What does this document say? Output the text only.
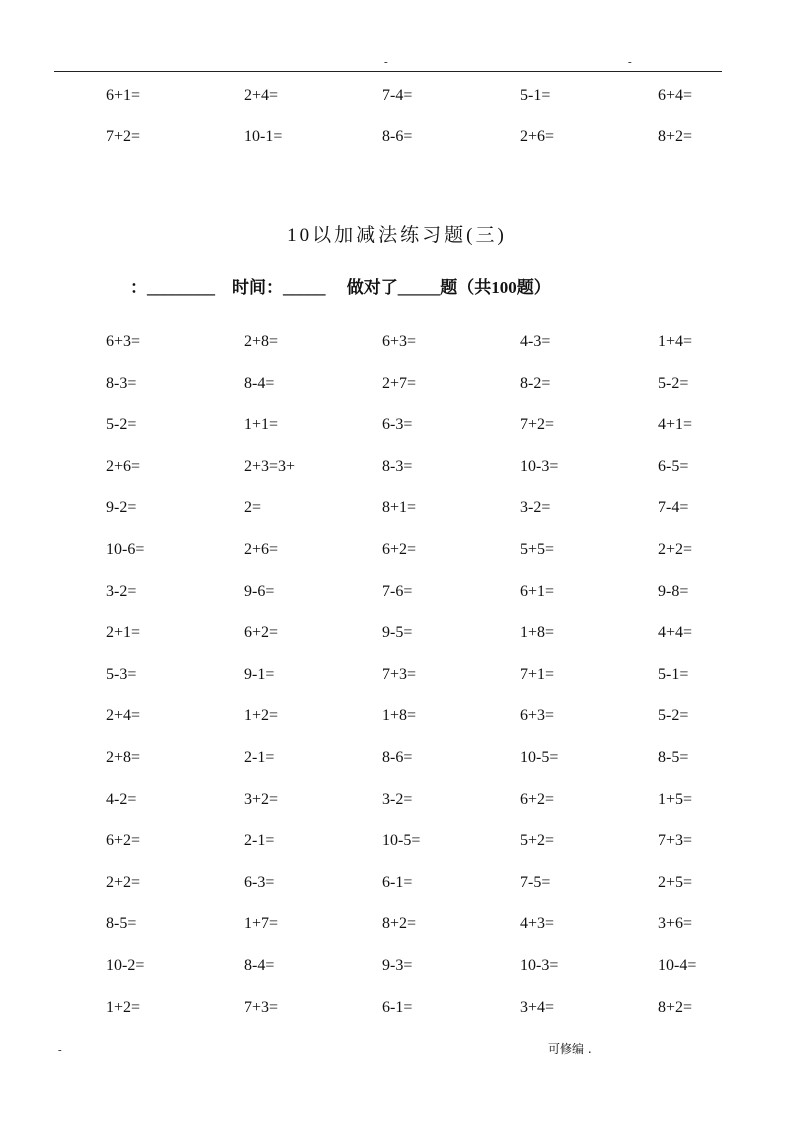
-	-
6+1=	2+4=	7-4=	5-1=	6+4=
7+2=	10-1=	8-6=	2+6=	8+2=
10以加减法练习题(三)
：________ 时间：_____ 做对了_____题（共100题）
6+3=	2+8=	6+3=	4-3=	1+4=
8-3=	8-4=	2+7=	8-2=	5-2=
5-2=	1+1=	6-3=	7+2=	4+1=
2+6=	2+3=3+	8-3=	10-3=	6-5=
9-2=	2=	8+1=	3-2=	7-4=
10-6=	2+6=	6+2=	5+5=	2+2=
3-2=	9-6=	7-6=	6+1=	9-8=
2+1=	6+2=	9-5=	1+8=	4+4=
5-3=	9-1=	7+3=	7+1=	5-1=
2+4=	1+2=	1+8=	6+3=	5-2=
2+8=	2-1=	8-6=	10-5=	8-5=
4-2=	3+2=	3-2=	6+2=	1+5=
6+2=	2-1=	10-5=	5+2=	7+3=
2+2=	6-3=	6-1=	7-5=	2+5=
8-5=	1+7=	8+2=	4+3=	3+6=
10-2=	8-4=	9-3=	10-3=	10-4=
1+2=	7+3=	6-1=	3+4=	8+2=
-	可修编 .
